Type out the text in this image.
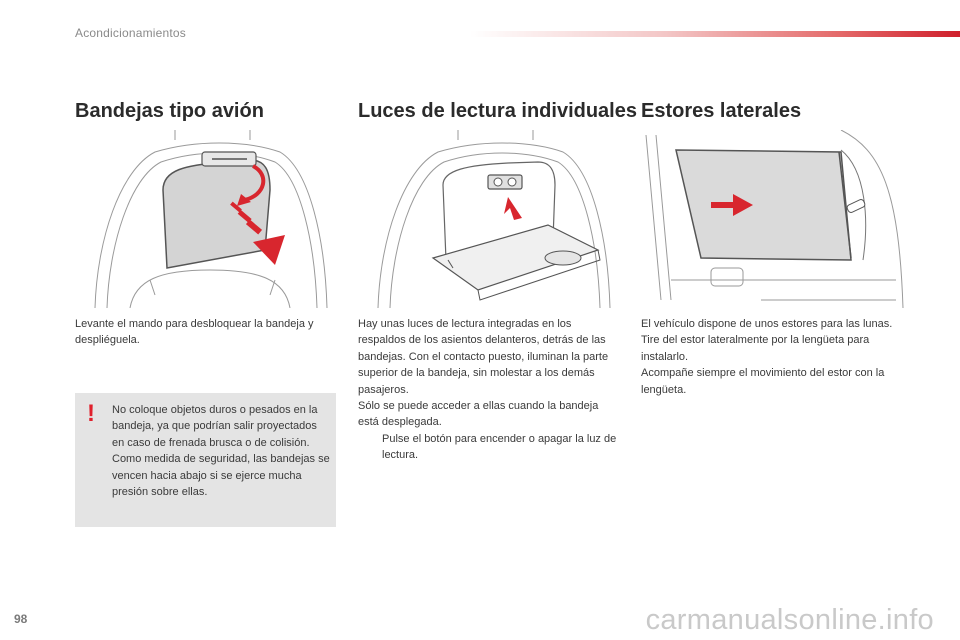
Acondicionamientos
Bandejas tipo avión

Levante el mando para desbloquear la bandeja y despliéguela.

!	No coloque objetos duros o pesados en la bandeja, ya que podrían salir proyectados en caso de frenada brusca o de colisión.

Como medida de seguridad, las bandejas se vencen hacia abajo si se ejerce mucha presión sobre ellas.

Luces de lectura individuales

Hay unas luces de lectura integradas en los respaldos de los asientos delanteros, detrás de las bandejas. Con el contacto puesto, iluminan la parte superior de la bandeja, sin molestar a los demás pasajeros.

Sólo se puede acceder a ellas cuando la bandeja está desplegada.

Pulse el botón para encender o apagar la luz de lectura.
Estores laterales

El vehículo dispone de unos estores para las lunas.

Tire del estor lateralmente por la lengüeta para instalarlo.

Acompañe siempre el movimiento del estor con la lengüeta.

98	carmanualsonline.info
